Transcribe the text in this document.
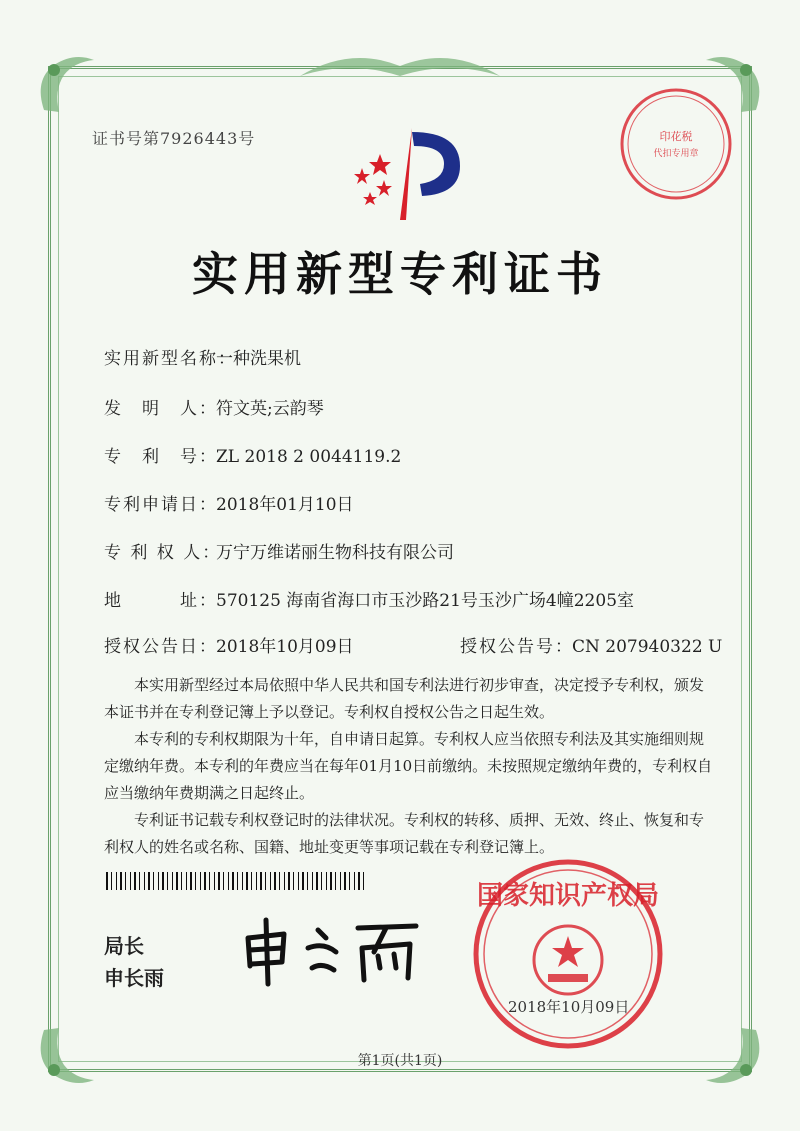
证书号第7926443号	印花税
代扣专用章
实用新型专利证书
实用新型名称：一种洗果机
发　明　人：符文英;云韵琴
专　利　号：ZL 2018 2 0044119.2
专利申请日：2018年01月10日
专 利 权 人：万宁万维诺丽生物科技有限公司
地　　　址：570125 海南省海口市玉沙路21号玉沙广场4幢2205室
授权公告日：2018年10月09日	授权公告号：CN 207940322 U

本实用新型经过本局依照中华人民共和国专利法进行初步审查，决定授予专利权，颁发本证书并在专利登记簿上予以登记。专利权自授权公告之日起生效。

本专利的专利权期限为十年，自申请日起算。专利权人应当依照专利法及其实施细则规定缴纳年费。本专利的年费应当在每年01月10日前缴纳。未按照规定缴纳年费的，专利权自应当缴纳年费期满之日起终止。

专利证书记载专利权登记时的法律状况。专利权的转移、质押、无效、终止、恢复和专利权人的姓名或名称、国籍、地址变更等事项记载在专利登记簿上。

局长
申长雨
国家知识产权局
2018年10月09日
第1页(共1页)
